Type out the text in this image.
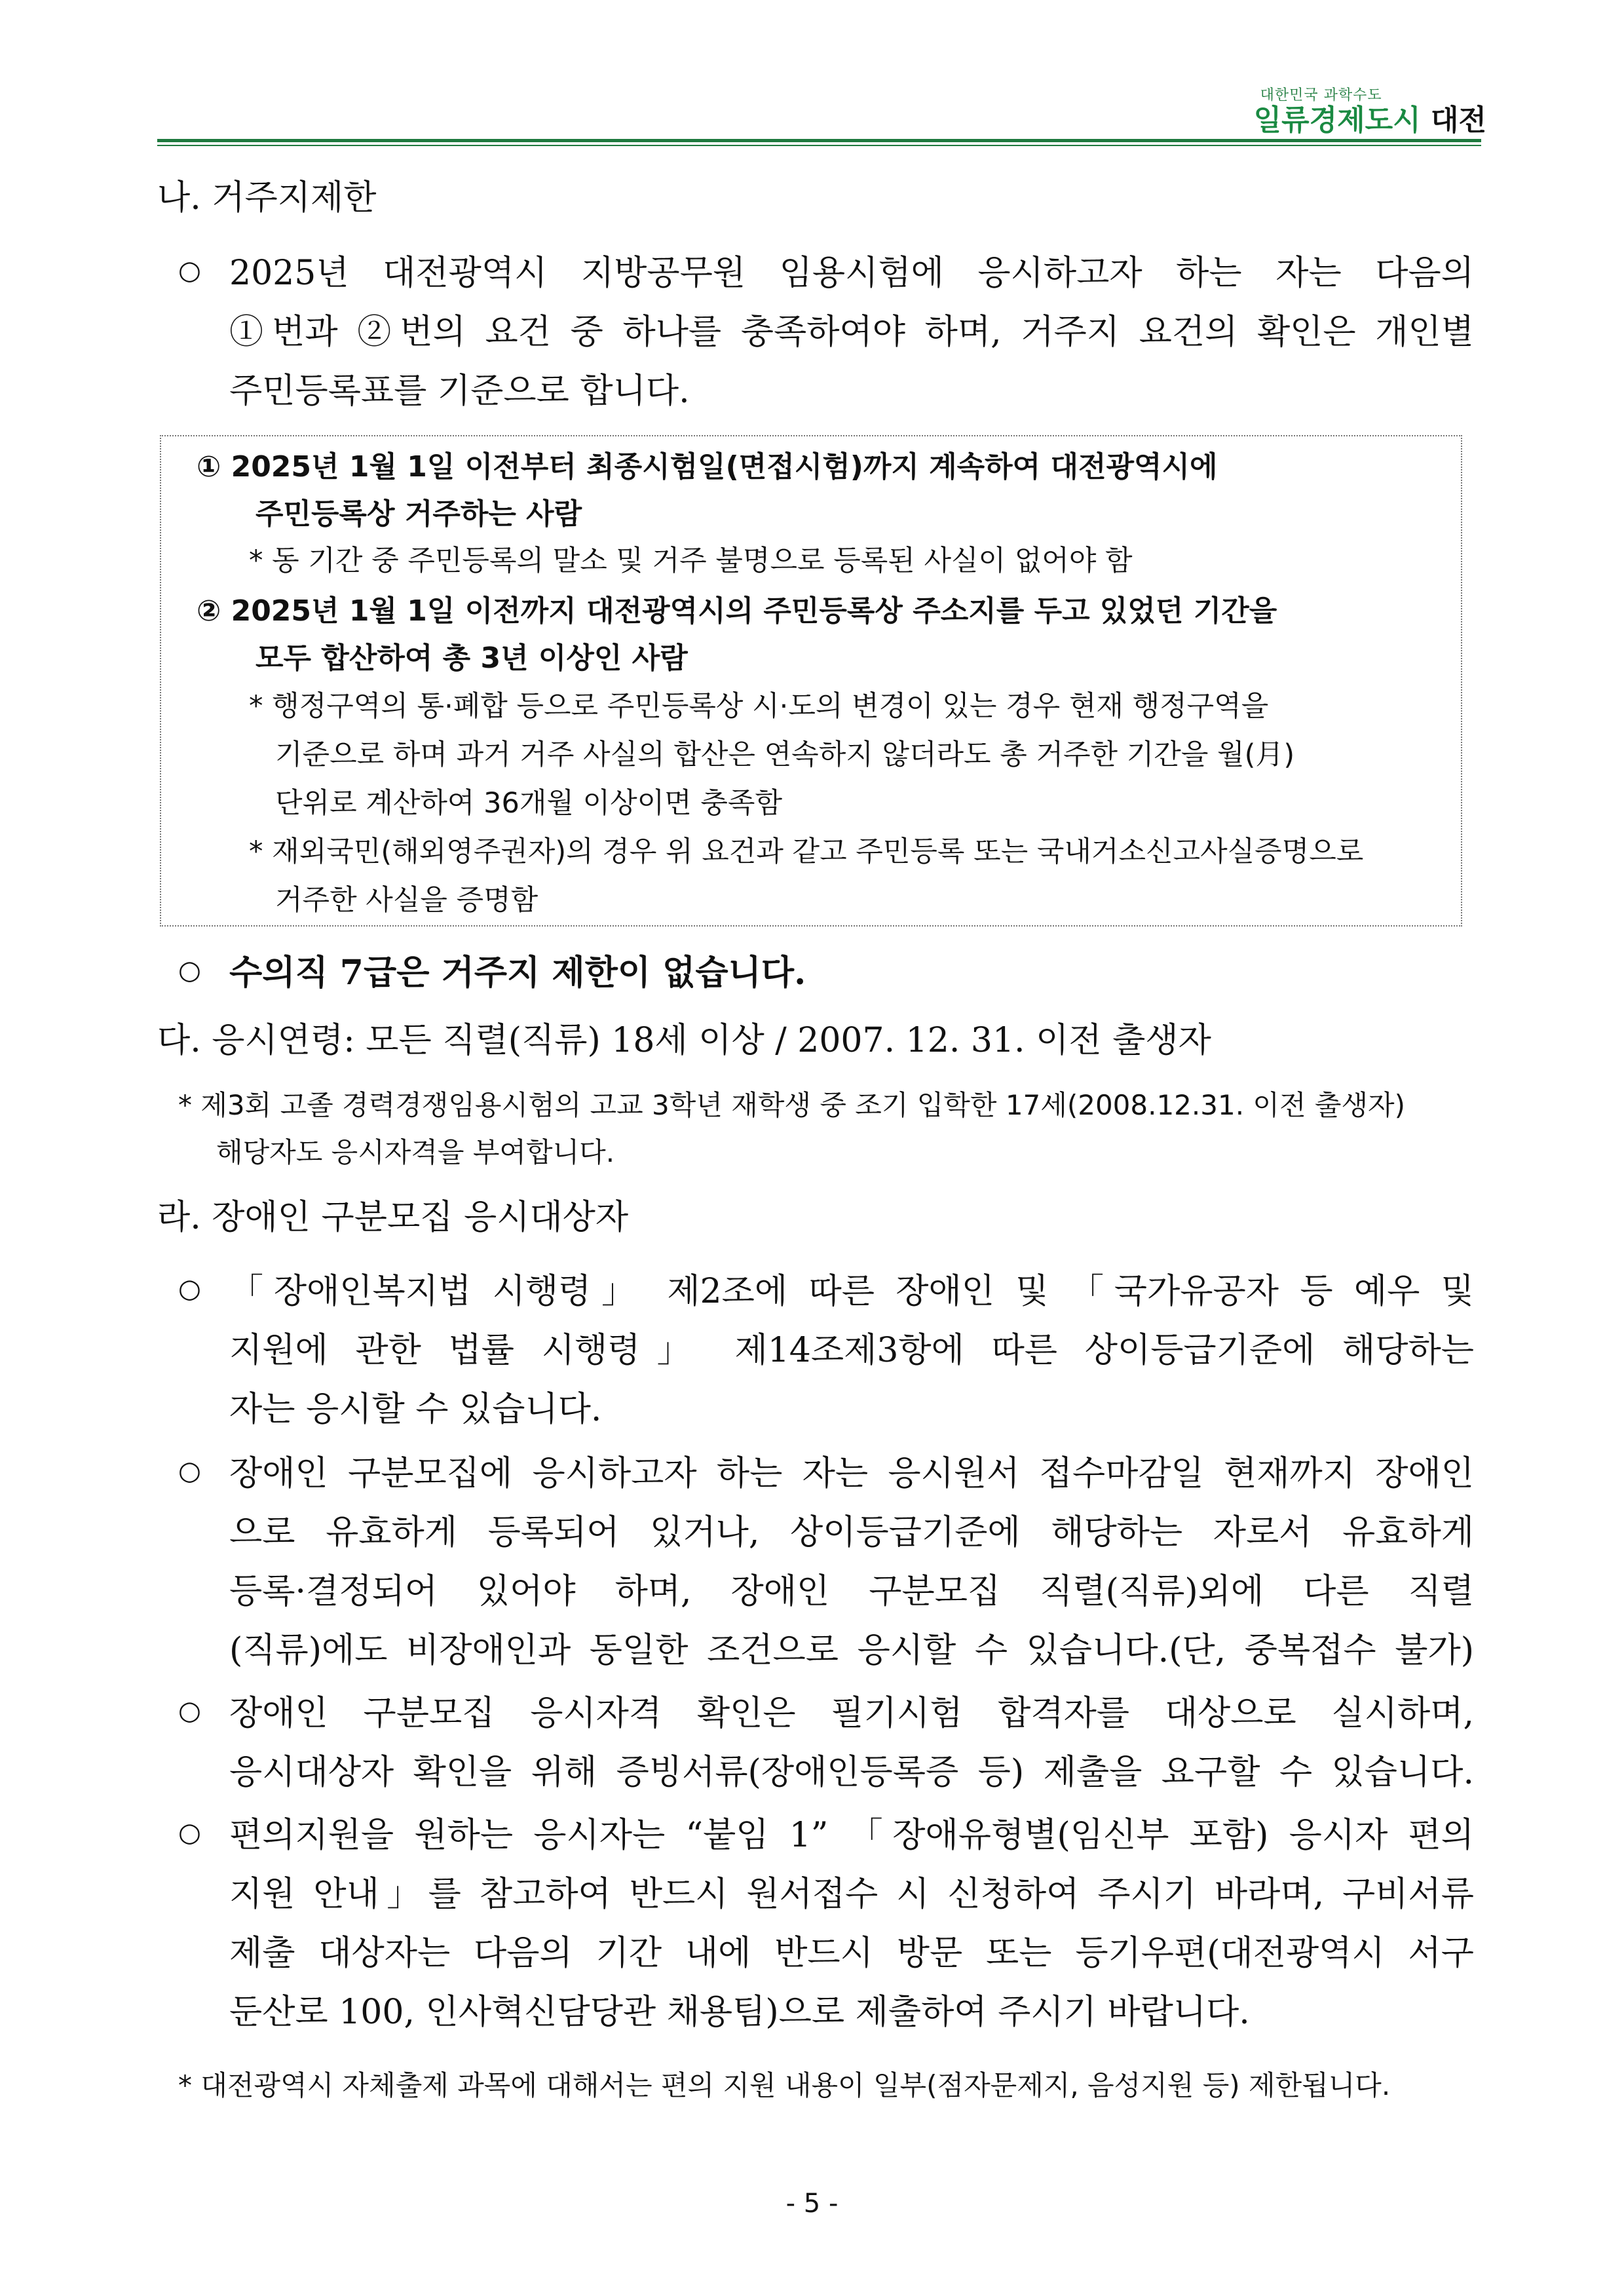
대한민국 과학수도
일류경제도시 대전
나. 거주지제한
○ 2025년 대전광역시 지방공무원 임용시험에 응시하고자 하는 자는 다음의
①번과 ②번의 요건 중 하나를 충족하여야 하며, 거주지 요건의 확인은 개인별
주민등록표를 기준으로 합니다.
① 2025년 1월 1일 이전부터 최종시험일(면접시험)까지 계속하여 대전광역시에
주민등록상 거주하는 사람
* 동 기간 중 주민등록의 말소 및 거주 불명으로 등록된 사실이 없어야 함
② 2025년 1월 1일 이전까지 대전광역시의 주민등록상 주소지를 두고 있었던 기간을
모두 합산하여 총 3년 이상인 사람
* 행정구역의 통·폐합 등으로 주민등록상 시·도의 변경이 있는 경우 현재 행정구역을
기준으로 하며 과거 거주 사실의 합산은 연속하지 않더라도 총 거주한 기간을 월(月)
단위로 계산하여 36개월 이상이면 충족함
* 재외국민(해외영주권자)의 경우 위 요건과 같고 주민등록 또는 국내거소신고사실증명으로
거주한 사실을 증명함
○ 수의직 7급은 거주지 제한이 없습니다.
다. 응시연령: 모든 직렬(직류) 18세 이상 / 2007. 12. 31. 이전 출생자
* 제3회 고졸 경력경쟁임용시험의 고교 3학년 재학생 중 조기 입학한 17세(2008.12.31. 이전 출생자)
해당자도 응시자격을 부여합니다.
라. 장애인 구분모집 응시대상자
○ 「장애인복지법 시행령」 제2조에 따른 장애인 및 「국가유공자 등 예우 및
지원에 관한 법률 시행령」 제14조제3항에 따른 상이등급기준에 해당하는
자는 응시할 수 있습니다.
○ 장애인 구분모집에 응시하고자 하는 자는 응시원서 접수마감일 현재까지 장애인
으로 유효하게 등록되어 있거나, 상이등급기준에 해당하는 자로서 유효하게
등록·결정되어 있어야 하며, 장애인 구분모집 직렬(직류)외에 다른 직렬
(직류)에도 비장애인과 동일한 조건으로 응시할 수 있습니다.(단, 중복접수 불가)
○ 장애인 구분모집 응시자격 확인은 필기시험 합격자를 대상으로 실시하며,
응시대상자 확인을 위해 증빙서류(장애인등록증 등) 제출을 요구할 수 있습니다.
○ 편의지원을 원하는 응시자는 “붙임 1” 「장애유형별(임신부 포함) 응시자 편의
지원 안내」를 참고하여 반드시 원서접수 시 신청하여 주시기 바라며, 구비서류
제출 대상자는 다음의 기간 내에 반드시 방문 또는 등기우편(대전광역시 서구
둔산로 100, 인사혁신담당관 채용팀)으로 제출하여 주시기 바랍니다.
* 대전광역시 자체출제 과목에 대해서는 편의 지원 내용이 일부(점자문제지, 음성지원 등) 제한됩니다.
- 5 -
